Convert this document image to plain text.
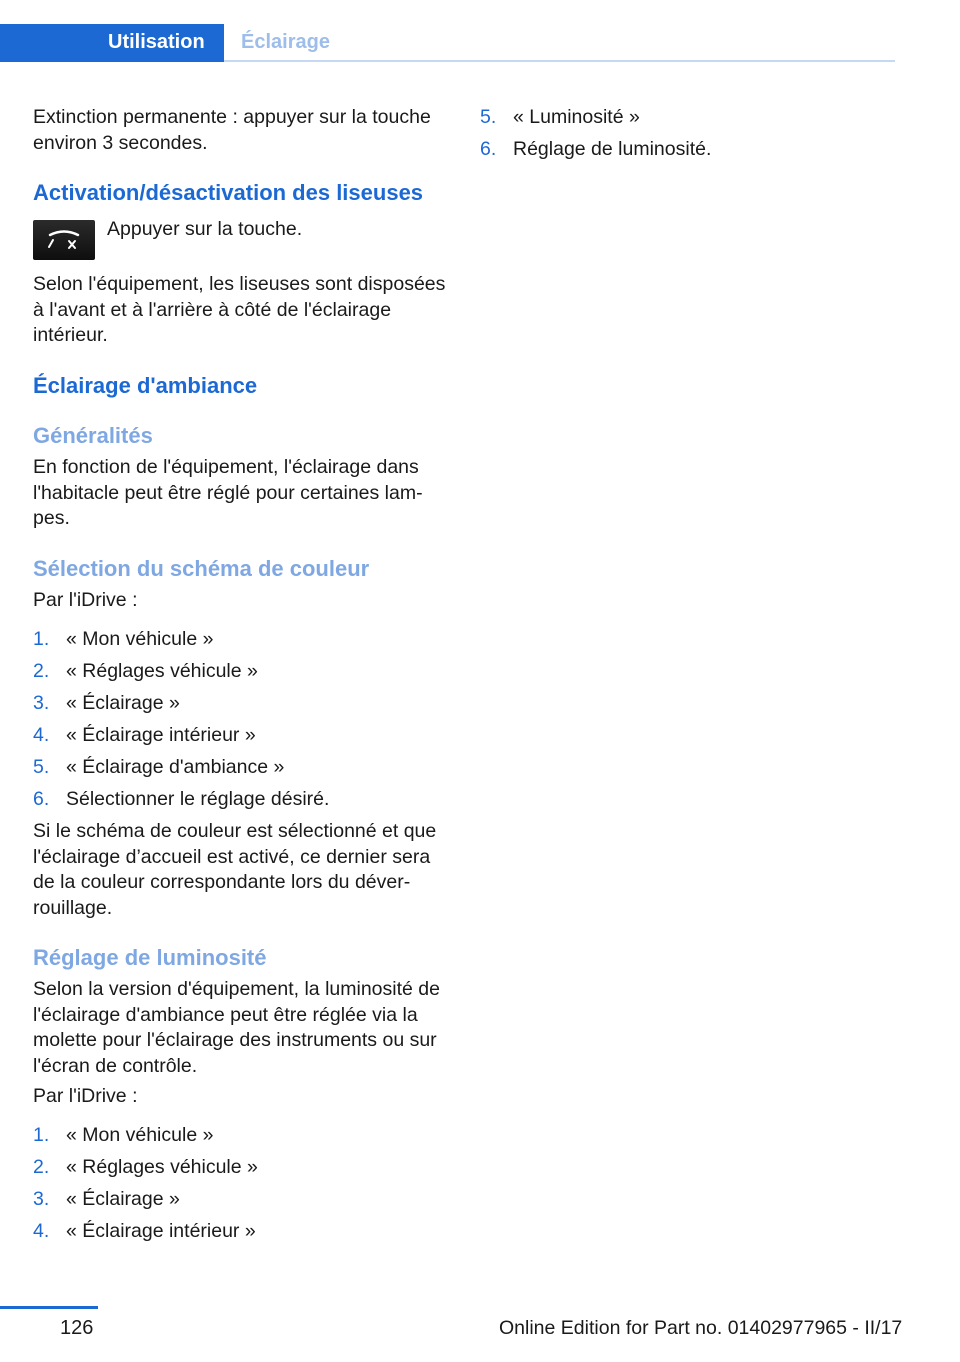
Utilisation Éclairage

Extinction permanente : appuyer sur la touche environ 3 secondes.

Activation/désactivation des liseuses

Appuyer sur la touche.

Selon l'équipement, les liseuses sont disposées à l'avant et à l'arrière à côté de l'éclairage intérieur.

Éclairage d'ambiance
Généralités

En fonction de l'équipement, l'éclairage dans l'habitacle peut être réglé pour certaines lampes.

Sélection du schéma de couleur

Par l'iDrive :

1. « Mon véhicule »
2. « Réglages véhicule »
3. « Éclairage »
4. « Éclairage intérieur »
5. « Éclairage d'ambiance »
6. Sélectionner le réglage désiré.

Si le schéma de couleur est sélectionné et que l'éclairage d’accueil est activé, ce dernier sera de la couleur correspondante lors du déverrouillage.

Réglage de luminosité

Selon la version d'équipement, la luminosité de l'éclairage d'ambiance peut être réglée via la molette pour l'éclairage des instruments ou sur l'écran de contrôle.

Par l'iDrive :

1. « Mon véhicule »
2. « Réglages véhicule »
3. « Éclairage »
4. « Éclairage intérieur »
5. « Luminosité »
6. Réglage de luminosité.
126	Online Edition for Part no. 01402977965 - II/17
